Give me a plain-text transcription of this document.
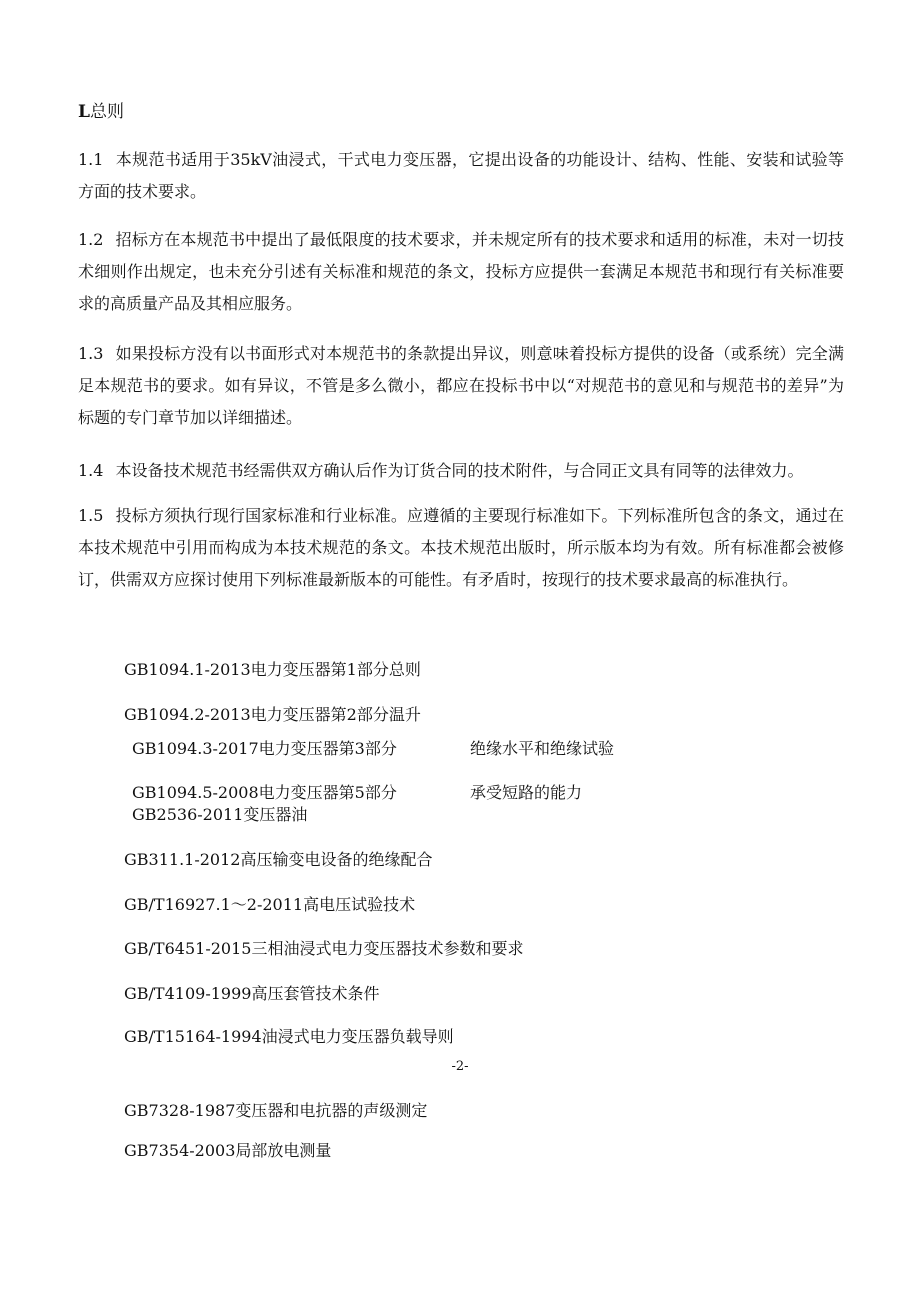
L总则
1.1 本规范书适用于35kV油浸式，干式电力变压器，它提出设备的功能设计、结构、性能、安装和试验等方面的技术要求。
1.2 招标方在本规范书中提出了最低限度的技术要求，并未规定所有的技术要求和适用的标准，未对一切技术细则作出规定，也未充分引述有关标准和规范的条文，投标方应提供一套满足本规范书和现行有关标准要求的高质量产品及其相应服务。
1.3 如果投标方没有以书面形式对本规范书的条款提出异议，则意味着投标方提供的设备（或系统）完全满足本规范书的要求。如有异议，不管是多么微小，都应在投标书中以“对规范书的意见和与规范书的差异”为标题的专门章节加以详细描述。
1.4 本设备技术规范书经需供双方确认后作为订货合同的技术附件，与合同正文具有同等的法律效力。
1.5 投标方须执行现行国家标准和行业标准。应遵循的主要现行标准如下。下列标准所包含的条文，通过在本技术规范中引用而构成为本技术规范的条文。本技术规范出版时，所示版本均为有效。所有标准都会被修订，供需双方应探讨使用下列标准最新版本的可能性。有矛盾时，按现行的技术要求最高的标准执行。
GB1094.1-2013电力变压器第1部分总则
GB1094.2-2013电力变压器第2部分温升
GB1094.3-2017电力变压器第3部分	绝缘水平和绝缘试验
GB1094.5-2008电力变压器第5部分	承受短路的能力
GB2536-2011变压器油
GB311.1-2012高压输变电设备的绝缘配合
GB/T16927.1～2-2011高电压试验技术
GB/T6451-2015三相油浸式电力变压器技术参数和要求
GB/T4109-1999高压套管技术条件
GB/T15164-1994油浸式电力变压器负载导则
-2-
GB7328-1987变压器和电抗器的声级测定
GB7354-2003局部放电测量
